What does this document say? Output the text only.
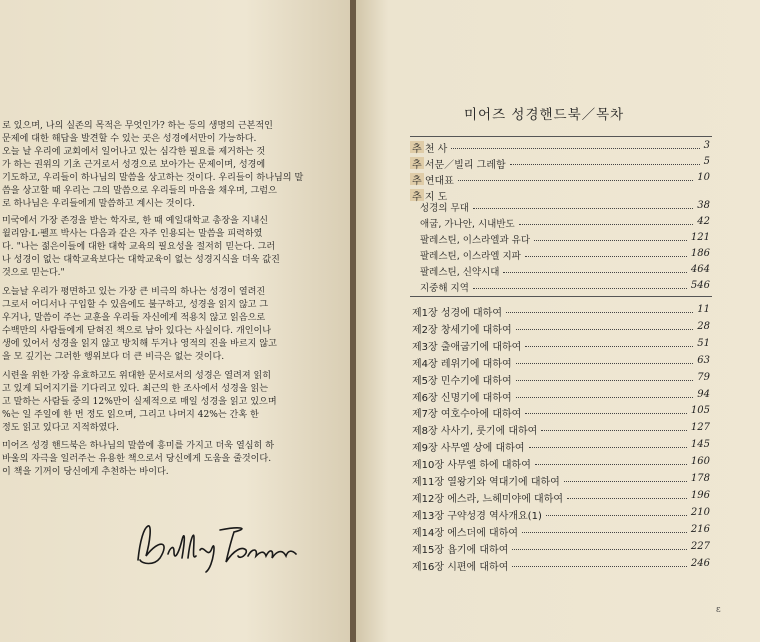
로 있으며, 나의 실존의 목적은 무엇인가? 하는 등의 생명의 근본적인
문제에 대한 해답을 발견할 수 있는 곳은 성경에서만이 가능하다.
오늘 날 우리에 교회에서 일어나고 있는 심각한 필요를 제거하는 것
가 하는 권위의 기초 근거로서 성경으로 보아가는 문제이며, 성경에
기도하고, 우리들이 하나님의 말씀을 상고하는 것이다. 우리들이 하나님의 말
씀을 상고할 때 우리는 그의 말씀으로 우리들의 마음을 채우며, 그럼으
로 하나님은 우리들에게 말씀하고 계시는 것이다.

미국에서 가장 존경을 받는 학자로, 한 때 예일대학교 총장을 지내신
윌리암·L·펠프 박사는 다음과 같은 자주 인용되는 말씀을 피력하였
다. "나는 젊은이들에 대한 대학 교육의 필요성을 절저히 믿는다. 그러
나 성경이 없는 대학교육보다는 대학교육이 없는 성경지식을 더욱 값진
것으로 믿는다."

오늘날 우리가 평면하고 있는 가장 큰 비극의 하나는 성경이 열려진
그로서 어디서나 구입할 수 있음에도 불구하고, 성경을 읽지 않고 그
우거나, 말씀이 주는 교훈을 우리들 자신에게 적용치 않고 읽음으로
수백만의 사람들에게 닫혀진 책으로 남아 있다는 사실이다. 개인이나
생에 있어서 성경을 읽지 않고 방치해 두거나 영적의 진을 바르지 않고
을 모 깊기는 그러한 행위보다 더 큰 비극은 없는 것이다.

시련을 위한 가장 유효하고도 위대한 문서로서의 성경은 열려져 읽히
고 있게 되어지기를 기다리고 있다. 최근의 한 조사에서 성경을 읽는
고 말하는 사람들 중의 12%만이 실제적으로 매일 성경을 읽고 있으며
%는 일 주일에 한 번 정도 읽으며, 그리고 나머지 42%는 간혹 한
정도 읽고 있다고 지적하였다.

미어즈 성경 핸드북은 하나님의 말씀에 흥미를 가지고 더욱 열심히 하
바울의 자극을 일러주는 유용한 책으로서 당신에게 도움을 줄것이다.
이 책을 기꺼이 당신에게 추천하는 바이다.

미어즈 성경핸드북／목차
추 천 사	3
추 서문／빌리 그레함	5
추 연대표	10
추 지 도
성경의 무대	38
애굽, 가나안, 시내반도	42
팔레스틴, 이스라엘과 유다	121
팔레스틴, 이스라엘 지파	186
팔레스틴, 신약시대	464
지중해 지역	546
제1장 성경에 대하여	11
제2장 창세기에 대하여	28
제3장 출애굽기에 대하여	51
제4장 레위기에 대하여	63
제5장 민수기에 대하여	79
제6장 신명기에 대하여	94
제7장 여호수아에 대하여	105
제8장 사사기, 룻기에 대하여	127
제9장 사무엘 상에 대하여	145
제10장 사무엘 하에 대하여	160
제11장 열왕기와 역대기에 대하여	178
제12장 에스라, 느헤미야에 대하여	196
제13장 구약성경 역사개요(1)	210
제14장 에스더에 대하여	216
제15장 욥기에 대하여	227
제16장 시편에 대하여	246
ɛ
